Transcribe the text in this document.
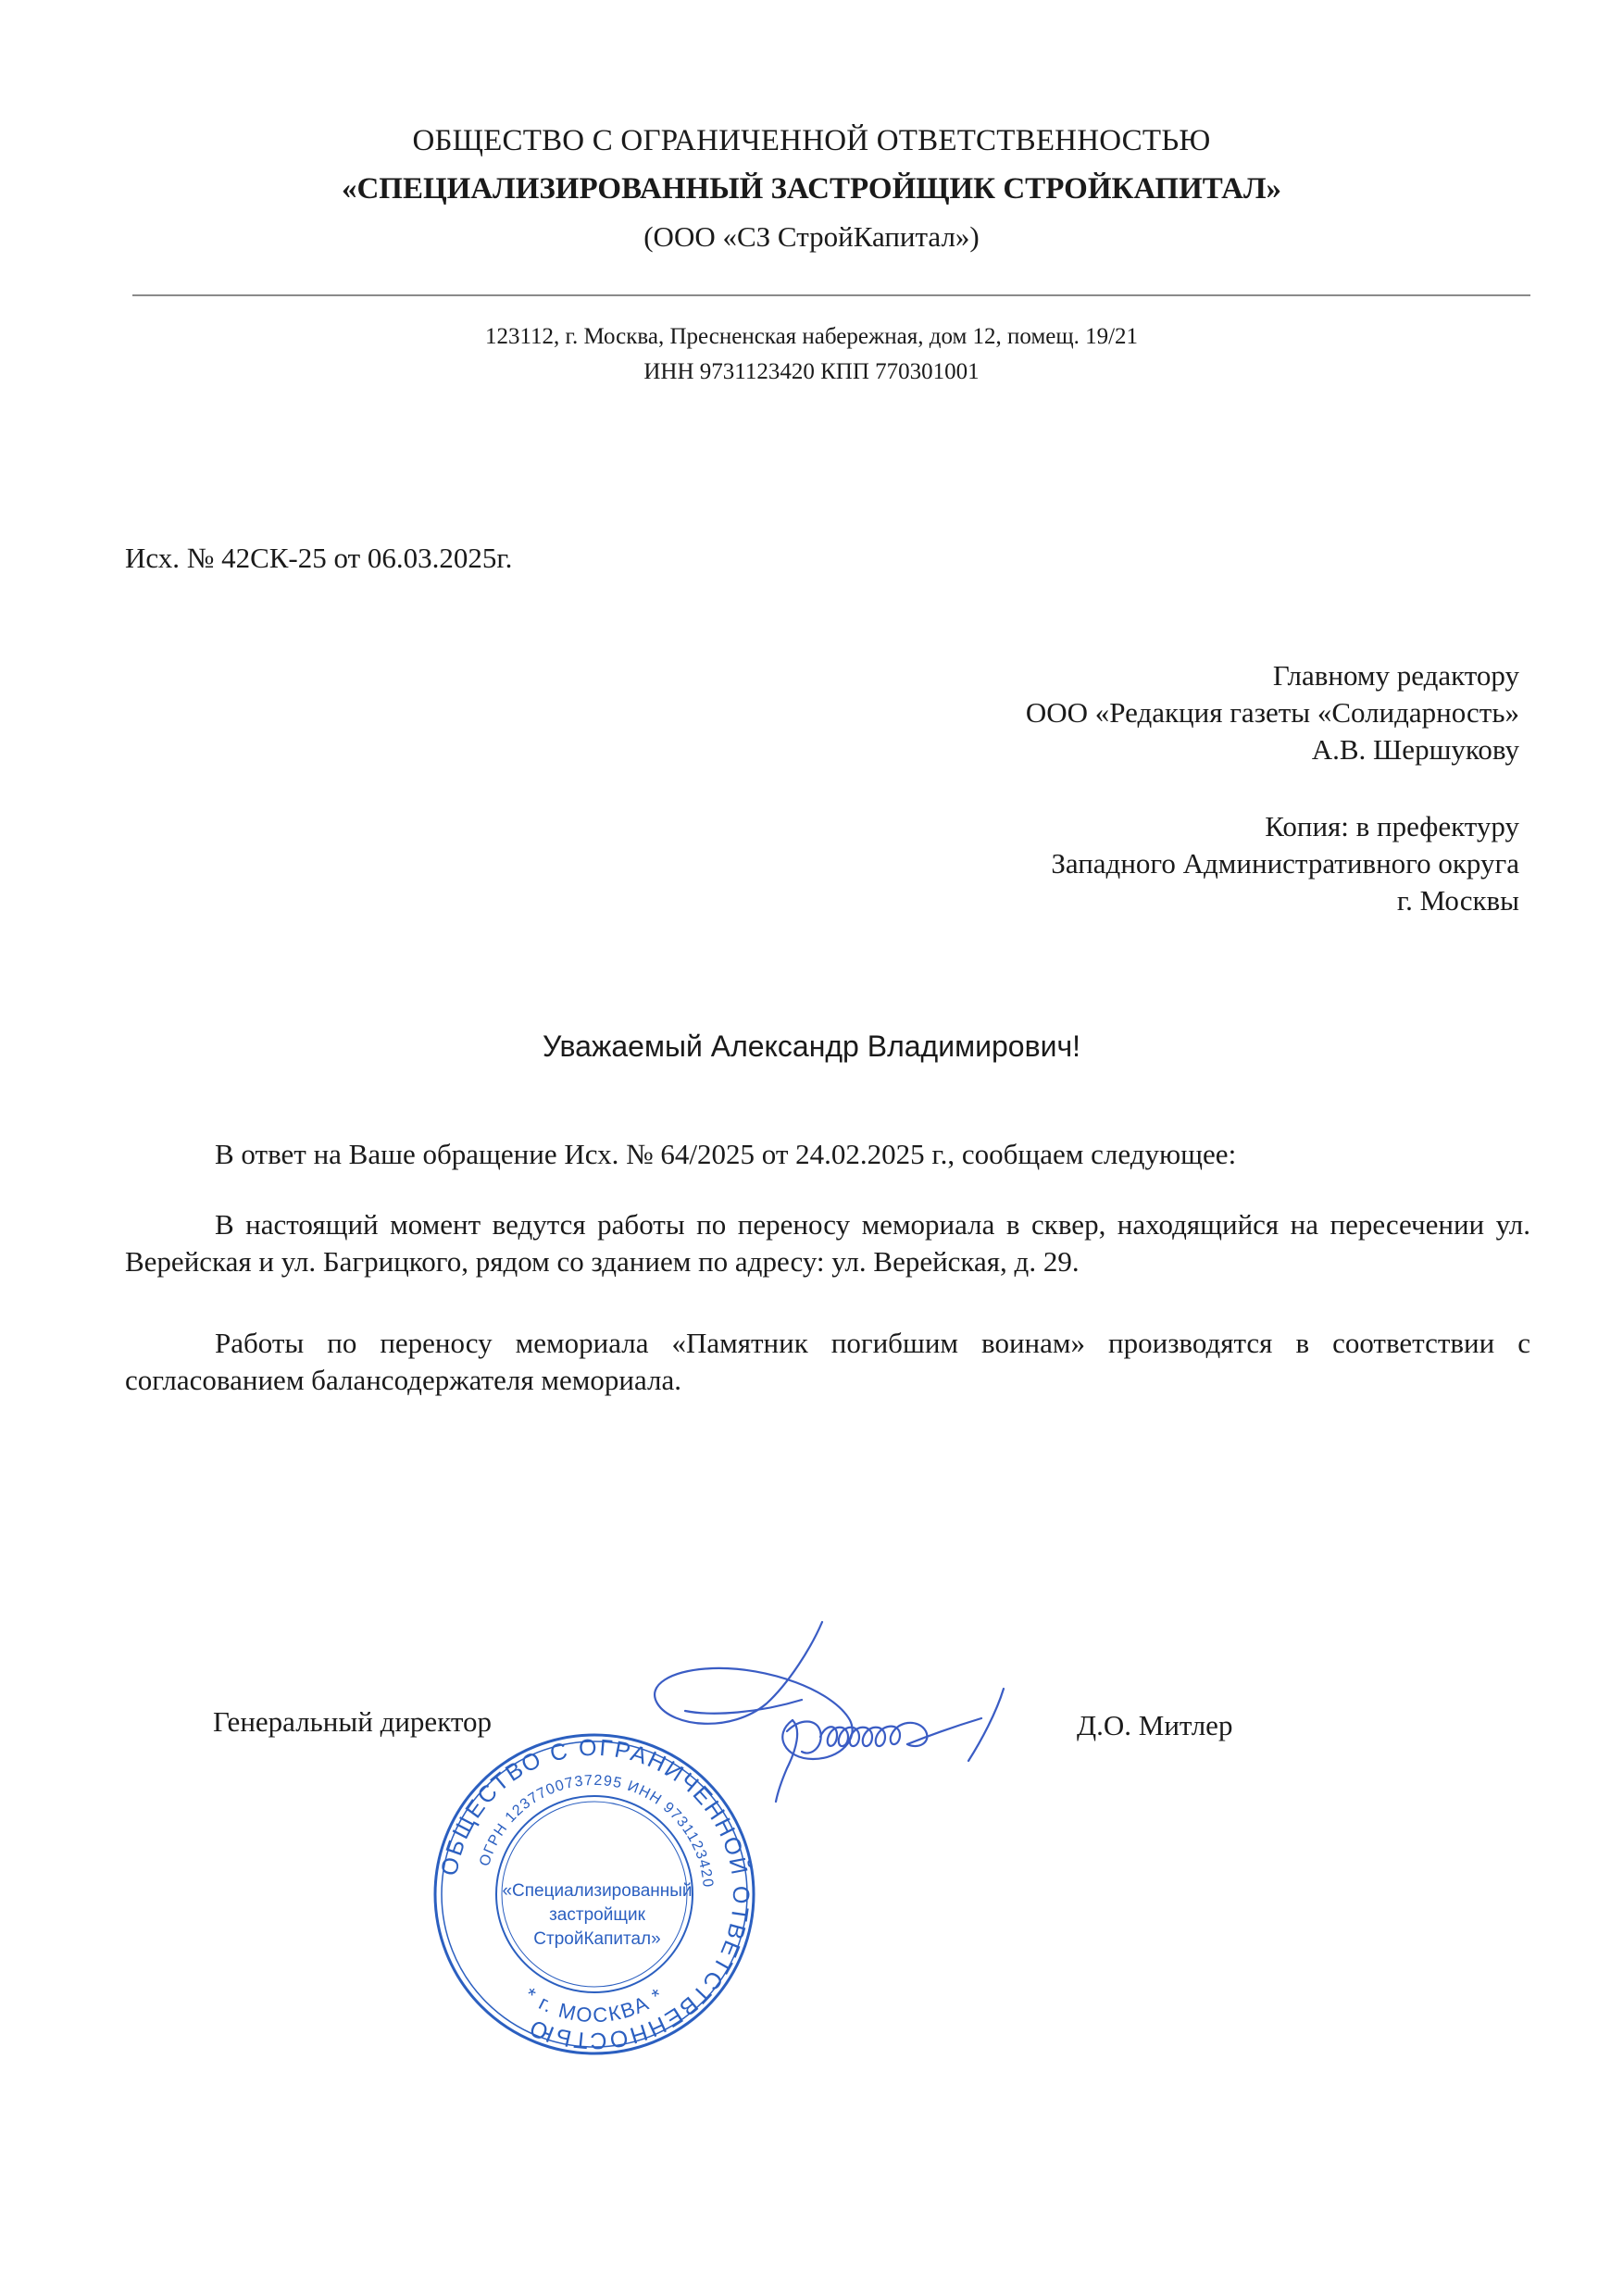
ОБЩЕСТВО С ОГРАНИЧЕННОЙ ОТВЕТСТВЕННОСТЬЮ
«СПЕЦИАЛИЗИРОВАННЫЙ ЗАСТРОЙЩИК СТРОЙКАПИТАЛ»
(ООО «СЗ СтройКапитал»)
123112, г. Москва, Пресненская набережная, дом 12, помещ. 19/21
ИНН 9731123420 КПП 770301001
Исх. № 42СК-25 от 06.03.2025г.
Главному редактору
ООО «Редакция газеты «Солидарность»
А.В. Шершукову
Копия: в префектуру
Западного Административного округа
г. Москвы
Уважаемый Александр Владимирович!

В ответ на Ваше обращение Исх. № 64/2025 от 24.02.2025 г., сообщаем следующее:

В настоящий момент ведутся работы по переносу мемориала в сквер, находящийся на пересечении ул. Верейская и ул. Багрицкого, рядом со зданием по адресу: ул. Верейская, д. 29.

Работы по переносу мемориала «Памятник погибшим воинам» производятся в соответствии с согласованием балансодержателя мемориала.

Генеральный директор	Д.О. Митлер
ОБЩЕСТВО С ОГРАНИЧЕННОЙ ОТВЕТСТВЕННОСТЬЮ
ОГРН 1237700737295 ИНН 9731123420
* г. МОСКВА *
«Специализированный
застройщик
СтройКапитал»
